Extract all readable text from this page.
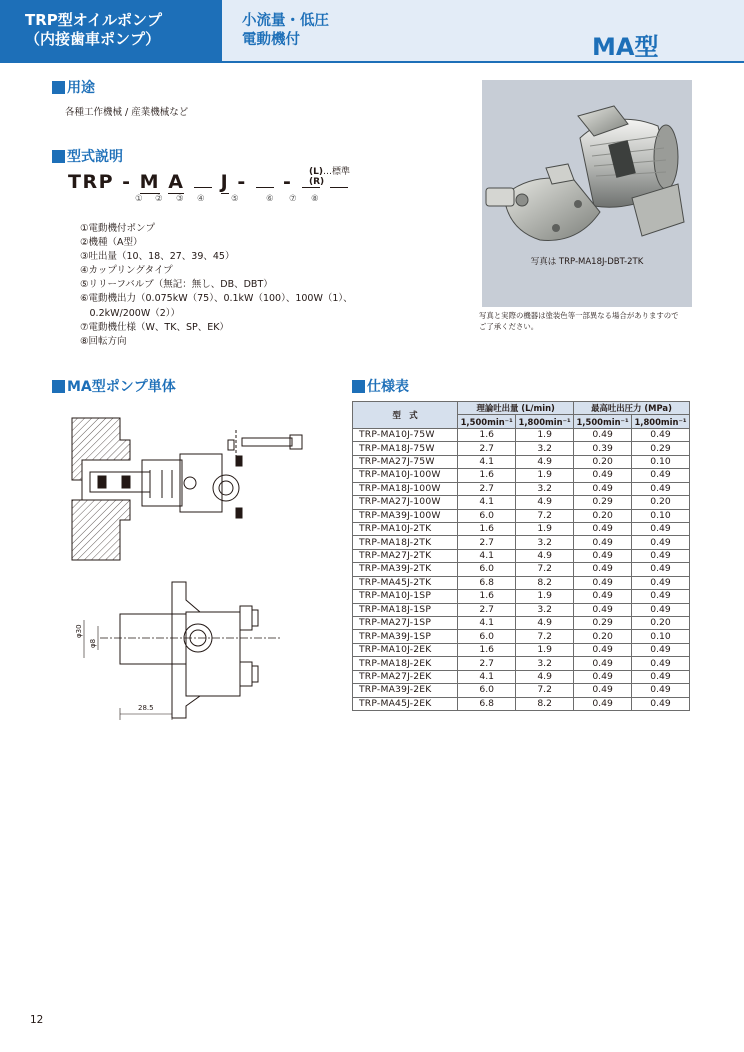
TRP型オイルポンプ
（内接歯車ポンプ）
小流量・低圧
電動機付	MA型
用途
各種工作機械 / 産業機械など
型式説明
TRP - M A J - -	(L)…標準
(R)
① ② ③ ④	⑤	⑥ ⑦ ⑧
①電動機付ポンプ
②機種（A型）
③吐出量（10、18、27、39、45）
④カップリングタイプ
⑤リリーフバルブ（無記：無し、DB、DBT）
⑥電動機出力（0.075kW（75）、0.1kW（100）、100W（1）、
　0.2kW/200W（2））
⑦電動機仕様（W、TK、SP、EK）
⑧回転方向
写真は TRP-MA18J-DBT-2TK
写真と実際の機器は塗装色等一部異なる場合がありますので
ご了承ください。
MA型ポンプ単体
φ30
φ8
28.5
仕様表
型　式	理論吐出量 (L/min)		最高吐出圧力 (MPa)	
	1,500min⁻¹	1,800min⁻¹	1,500min⁻¹	1,800min⁻¹
TRP-MA10J-75W	1.6	1.9	0.49	0.49
TRP-MA18J-75W	2.7	3.2	0.39	0.29
TRP-MA27J-75W	4.1	4.9	0.20	0.10
TRP-MA10J-100W	1.6	1.9	0.49	0.49
TRP-MA18J-100W	2.7	3.2	0.49	0.49
TRP-MA27J-100W	4.1	4.9	0.29	0.20
TRP-MA39J-100W	6.0	7.2	0.20	0.10
TRP-MA10J-2TK	1.6	1.9	0.49	0.49
TRP-MA18J-2TK	2.7	3.2	0.49	0.49
TRP-MA27J-2TK	4.1	4.9	0.49	0.49
TRP-MA39J-2TK	6.0	7.2	0.49	0.49
TRP-MA45J-2TK	6.8	8.2	0.49	0.49
TRP-MA10J-1SP	1.6	1.9	0.49	0.49
TRP-MA18J-1SP	2.7	3.2	0.49	0.49
TRP-MA27J-1SP	4.1	4.9	0.29	0.20
TRP-MA39J-1SP	6.0	7.2	0.20	0.10
TRP-MA10J-2EK	1.6	1.9	0.49	0.49
TRP-MA18J-2EK	2.7	3.2	0.49	0.49
TRP-MA27J-2EK	4.1	4.9	0.49	0.49
TRP-MA39J-2EK	6.0	7.2	0.49	0.49
TRP-MA45J-2EK	6.8	8.2	0.49	0.49
12
